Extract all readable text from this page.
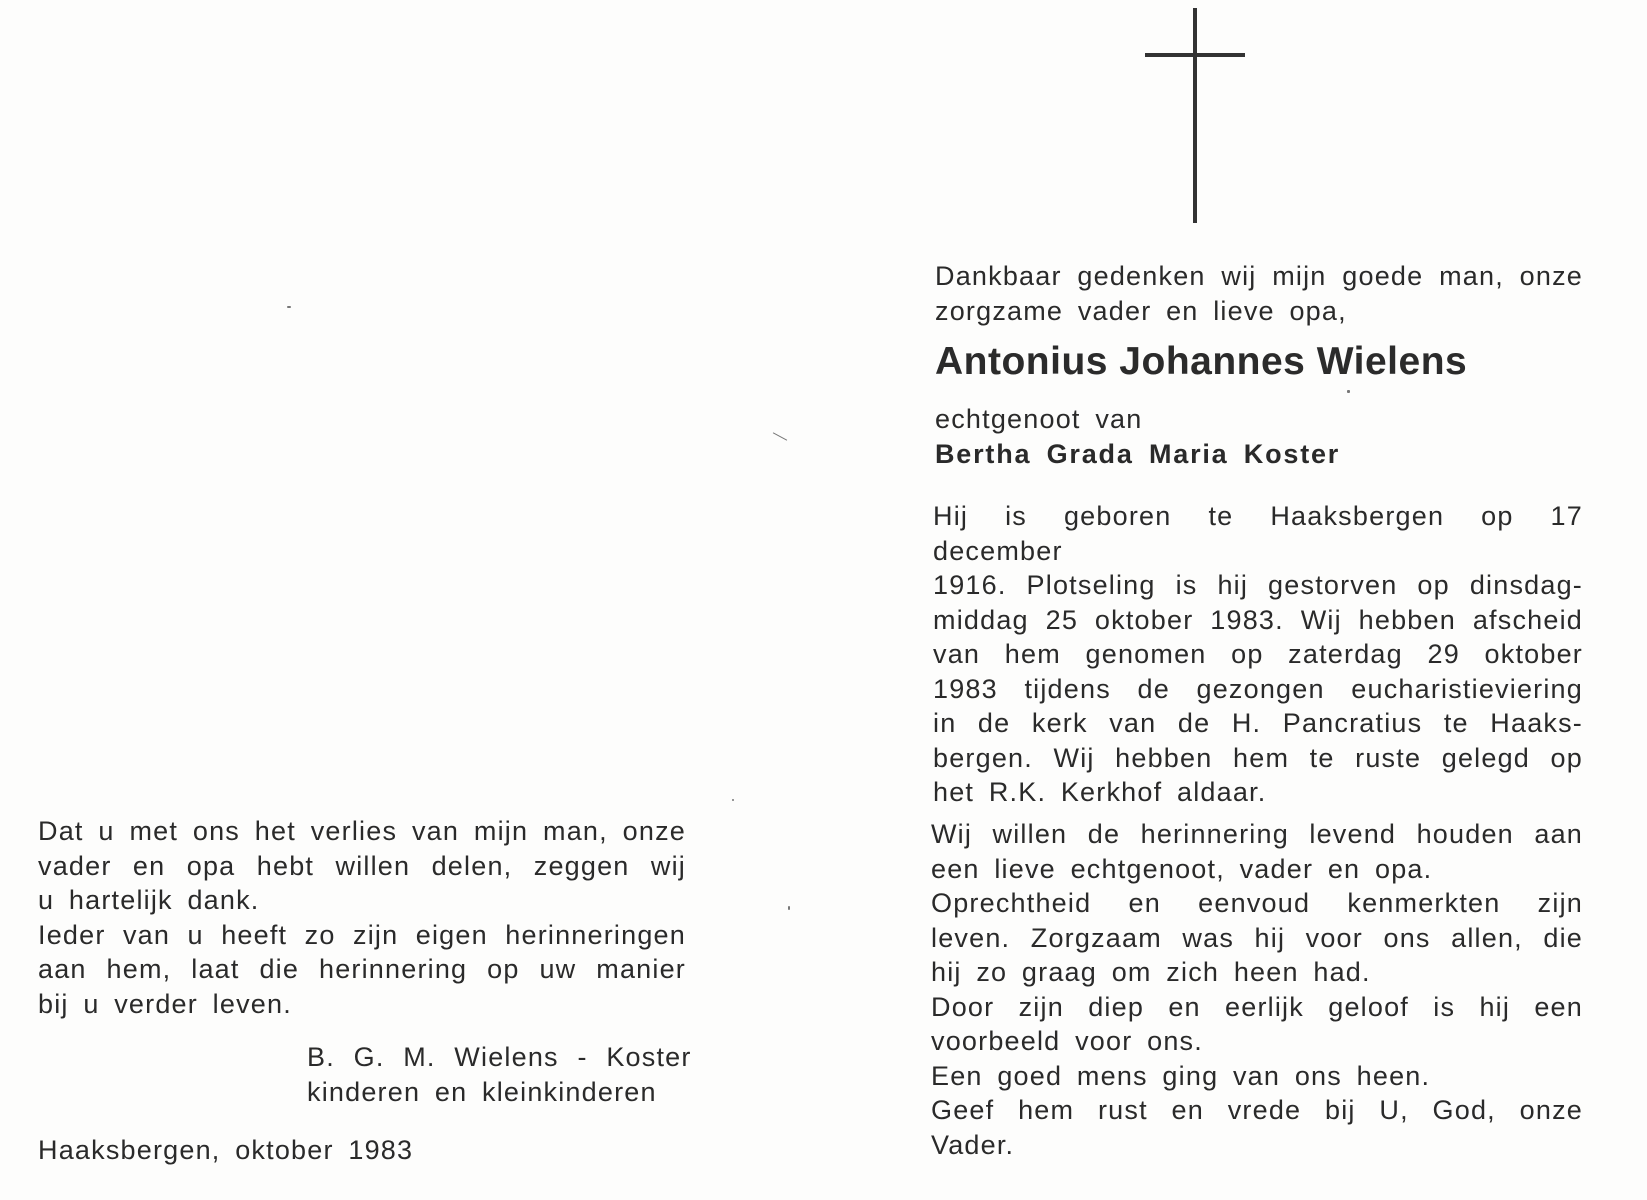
Dankbaar gedenken wij mijn goede man, onze
zorgzame vader en lieve opa,
Antonius Johannes Wielens
echtgenoot van
Bertha Grada Maria Koster
Hij is geboren te Haaksbergen op 17 december
1916. Plotseling is hij gestorven op dinsdag-
middag 25 oktober 1983. Wij hebben afscheid
van hem genomen op zaterdag 29 oktober
1983 tijdens de gezongen eucharistieviering
in de kerk van de H. Pancratius te Haaks-
bergen. Wij hebben hem te ruste gelegd op
het R.K. Kerkhof aldaar.
Wij willen de herinnering levend houden aan
een lieve echtgenoot, vader en opa.
Oprechtheid en eenvoud kenmerkten zijn
leven. Zorgzaam was hij voor ons allen, die
hij zo graag om zich heen had.
Door zijn diep en eerlijk geloof is hij een
voorbeeld voor ons.
Een goed mens ging van ons heen.
Geef hem rust en vrede bij U, God, onze
Vader.
Dat u met ons het verlies van mijn man, onze
vader en opa hebt willen delen, zeggen wij
u hartelijk dank.
Ieder van u heeft zo zijn eigen herinneringen
aan hem, laat die herinnering op uw manier
bij u verder leven.
B. G. M. Wielens - Koster
kinderen en kleinkinderen
Haaksbergen, oktober 1983
